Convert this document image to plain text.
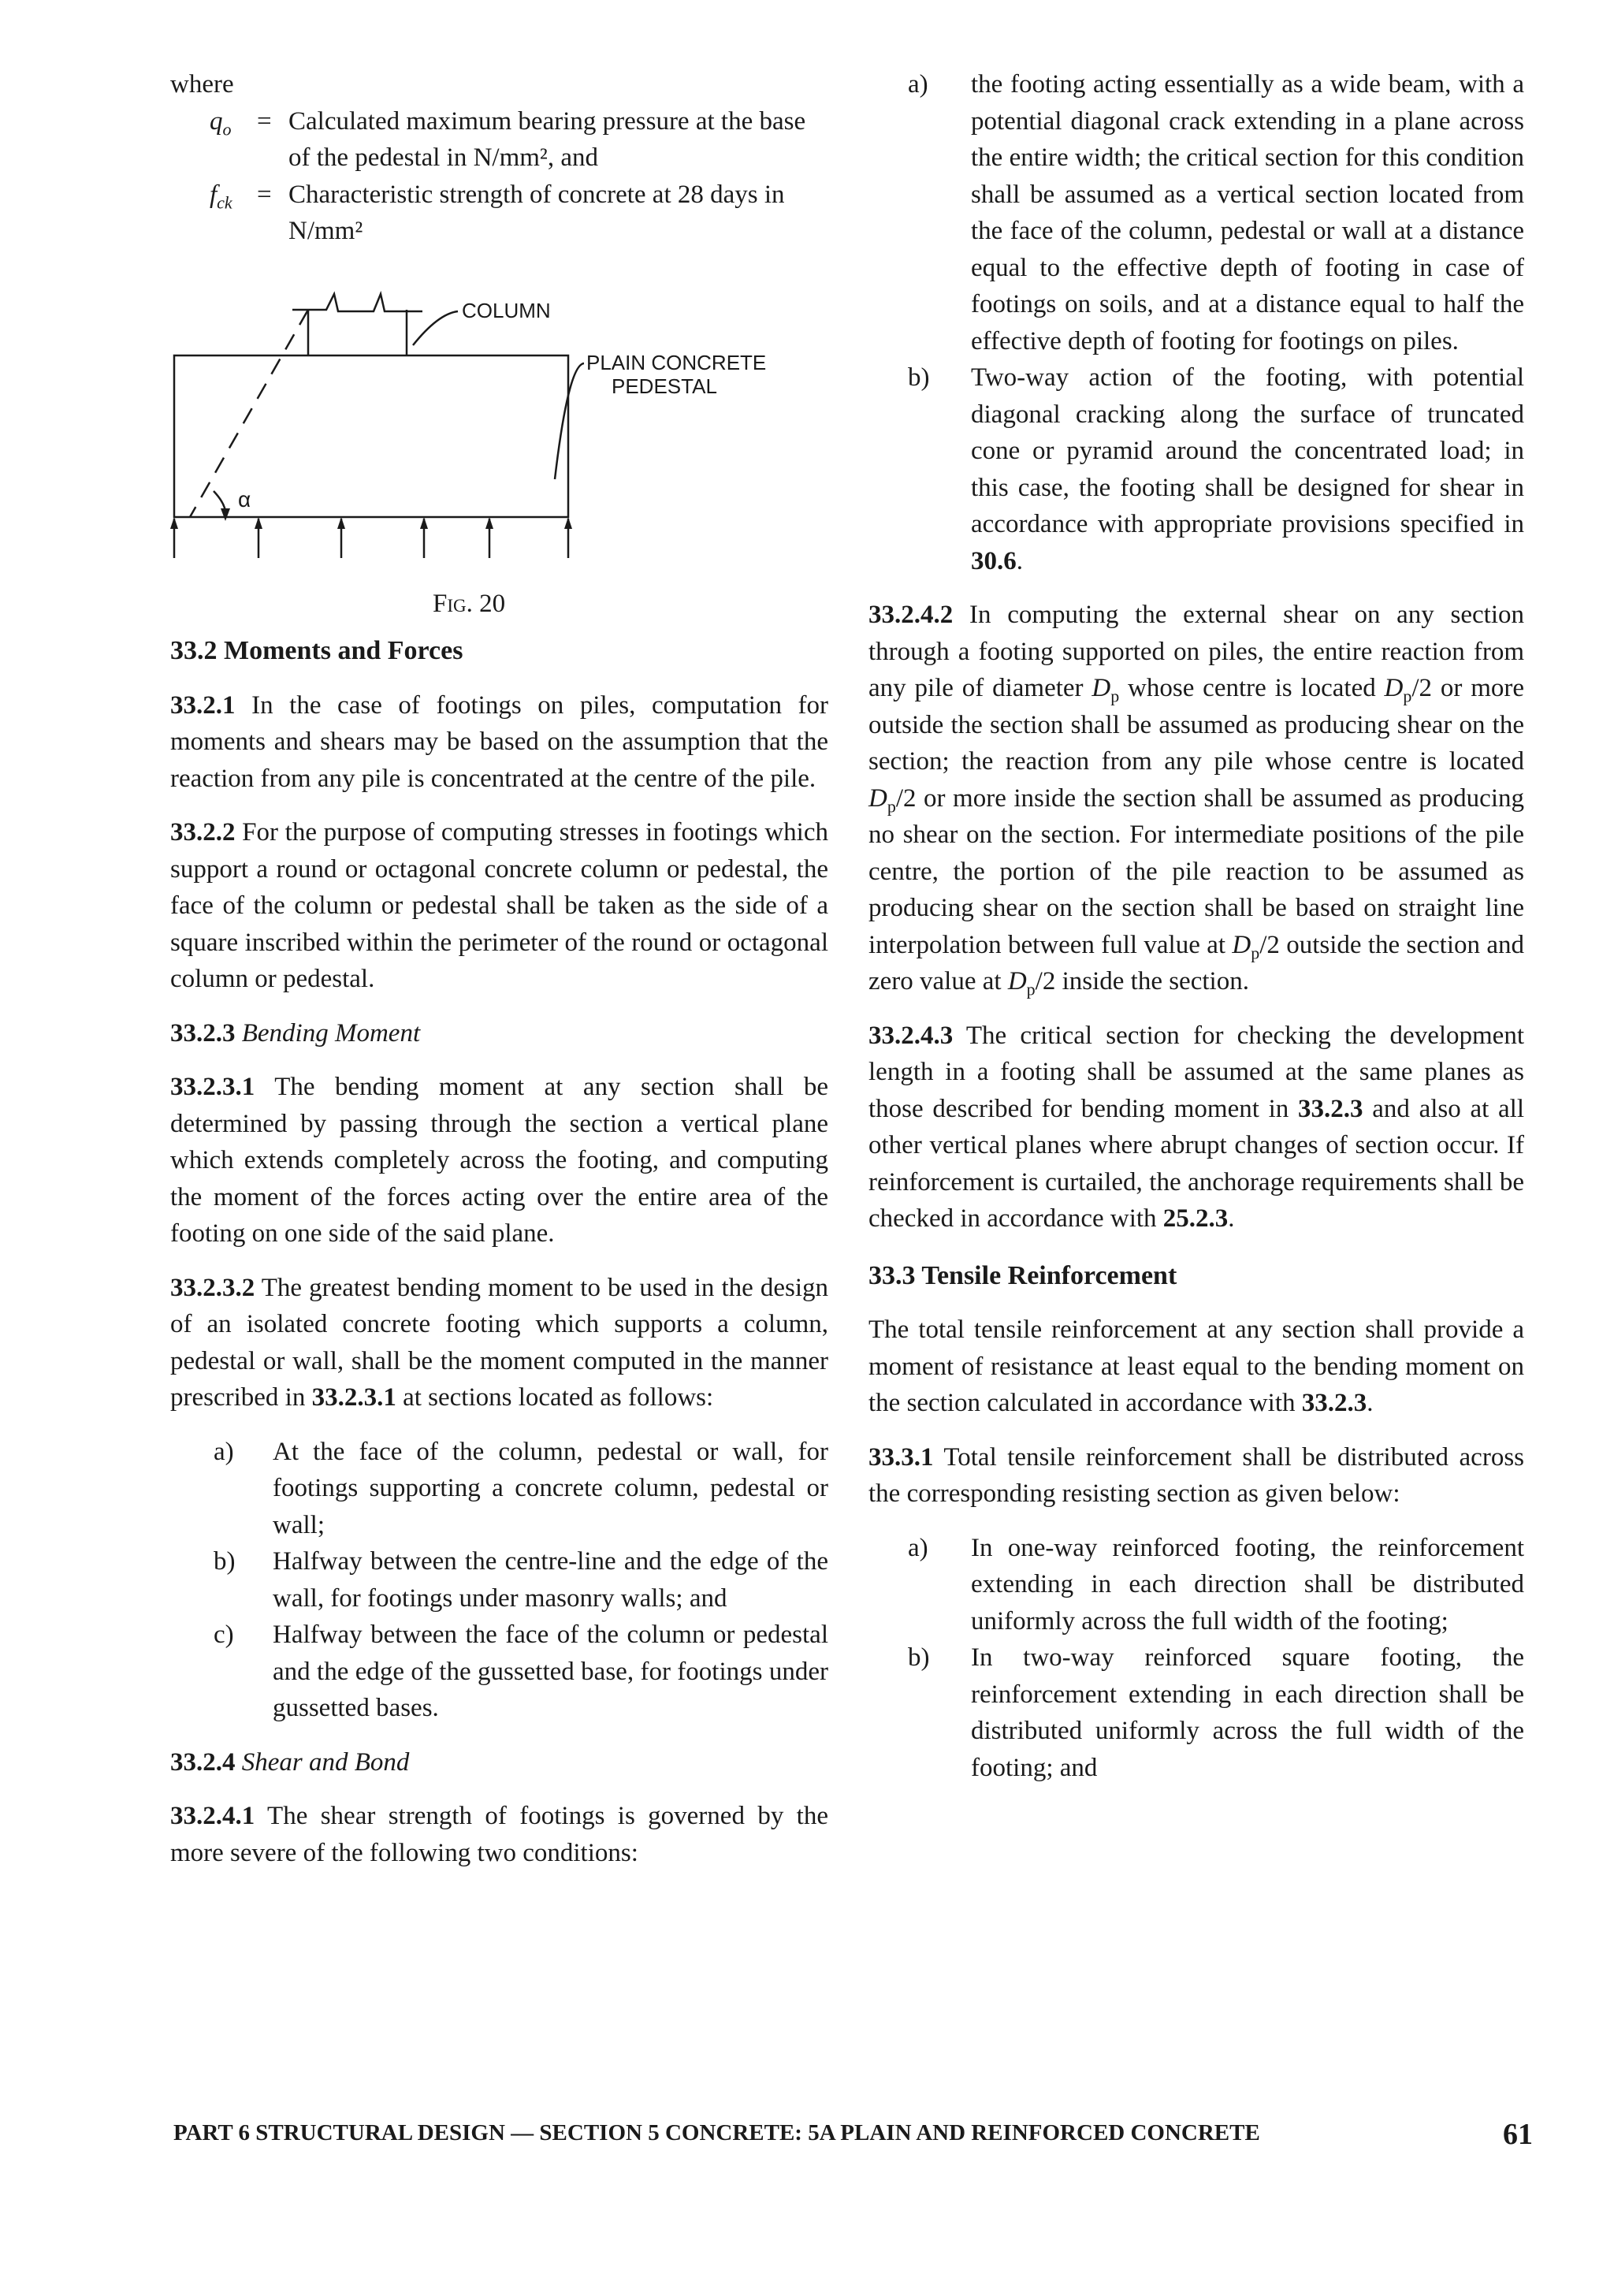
where

$q_o$ = Calculated maximum bearing pressure at the base of the pedestal in N/mm², and

$f_{ck}$ = Characteristic strength of concrete at 28 days in N/mm²

COLUMN
PLAIN CONCRETE
PEDESTAL
α

Fig. 20

33.2 Moments and Forces

33.2.1 In the case of footings on piles, computation for moments and shears may be based on the assumption that the reaction from any pile is concentrated at the centre of the pile.

33.2.2 For the purpose of computing stresses in footings which support a round or octagonal concrete column or pedestal, the face of the column or pedestal shall be taken as the side of a square inscribed within the perimeter of the round or octagonal column or pedestal.

33.2.3 Bending Moment

33.2.3.1 The bending moment at any section shall be determined by passing through the section a vertical plane which extends completely across the footing, and computing the moment of the forces acting over the entire area of the footing on one side of the said plane.

33.2.3.2 The greatest bending moment to be used in the design of an isolated concrete footing which supports a column, pedestal or wall, shall be the moment computed in the manner prescribed in 33.2.3.1 at sections located as follows:

a) At the face of the column, pedestal or wall, for footings supporting a concrete column, pedestal or wall;
b) Halfway between the centre-line and the edge of the wall, for footings under masonry walls; and
c) Halfway between the face of the column or pedestal and the edge of the gussetted base, for footings under gussetted bases.

33.2.4 Shear and Bond

33.2.4.1 The shear strength of footings is governed by the more severe of the following two conditions:

a) the footing acting essentially as a wide beam, with a potential diagonal crack extending in a plane across the entire width; the critical section for this condition shall be assumed as a vertical section located from the face of the column, pedestal or wall at a distance equal to the effective depth of footing in case of footings on soils, and at a distance equal to half the effective depth of footing for footings on piles.
b) Two-way action of the footing, with potential diagonal cracking along the surface of truncated cone or pyramid around the concentrated load; in this case, the footing shall be designed for shear in accordance with appropriate provisions specified in 30.6.

33.2.4.2 In computing the external shear on any section through a footing supported on piles, the entire reaction from any pile of diameter $D_p$ whose centre is located $D_p/2$ or more outside the section shall be assumed as producing shear on the section; the reaction from any pile whose centre is located $D_p/2$ or more inside the section shall be assumed as producing no shear on the section. For intermediate positions of the pile centre, the portion of the pile reaction to be assumed as producing shear on the section shall be based on straight line interpolation between full value at $D_p/2$ outside the section and zero value at $D_p/2$ inside the section.

33.2.4.3 The critical section for checking the development length in a footing shall be assumed at the same planes as those described for bending moment in 33.2.3 and also at all other vertical planes where abrupt changes of section occur. If reinforcement is curtailed, the anchorage requirements shall be checked in accordance with 25.2.3.

33.3 Tensile Reinforcement

The total tensile reinforcement at any section shall provide a moment of resistance at least equal to the bending moment on the section calculated in accordance with 33.2.3.

33.3.1 Total tensile reinforcement shall be distributed across the corresponding resisting section as given below:

a) In one-way reinforced footing, the reinforcement extending in each direction shall be distributed uniformly across the full width of the footing;
b) In two-way reinforced square footing, the reinforcement extending in each direction shall be distributed uniformly across the full width of the footing; and
PART 6 STRUCTURAL DESIGN — SECTION 5 CONCRETE: 5A PLAIN AND REINFORCED CONCRETE	61
